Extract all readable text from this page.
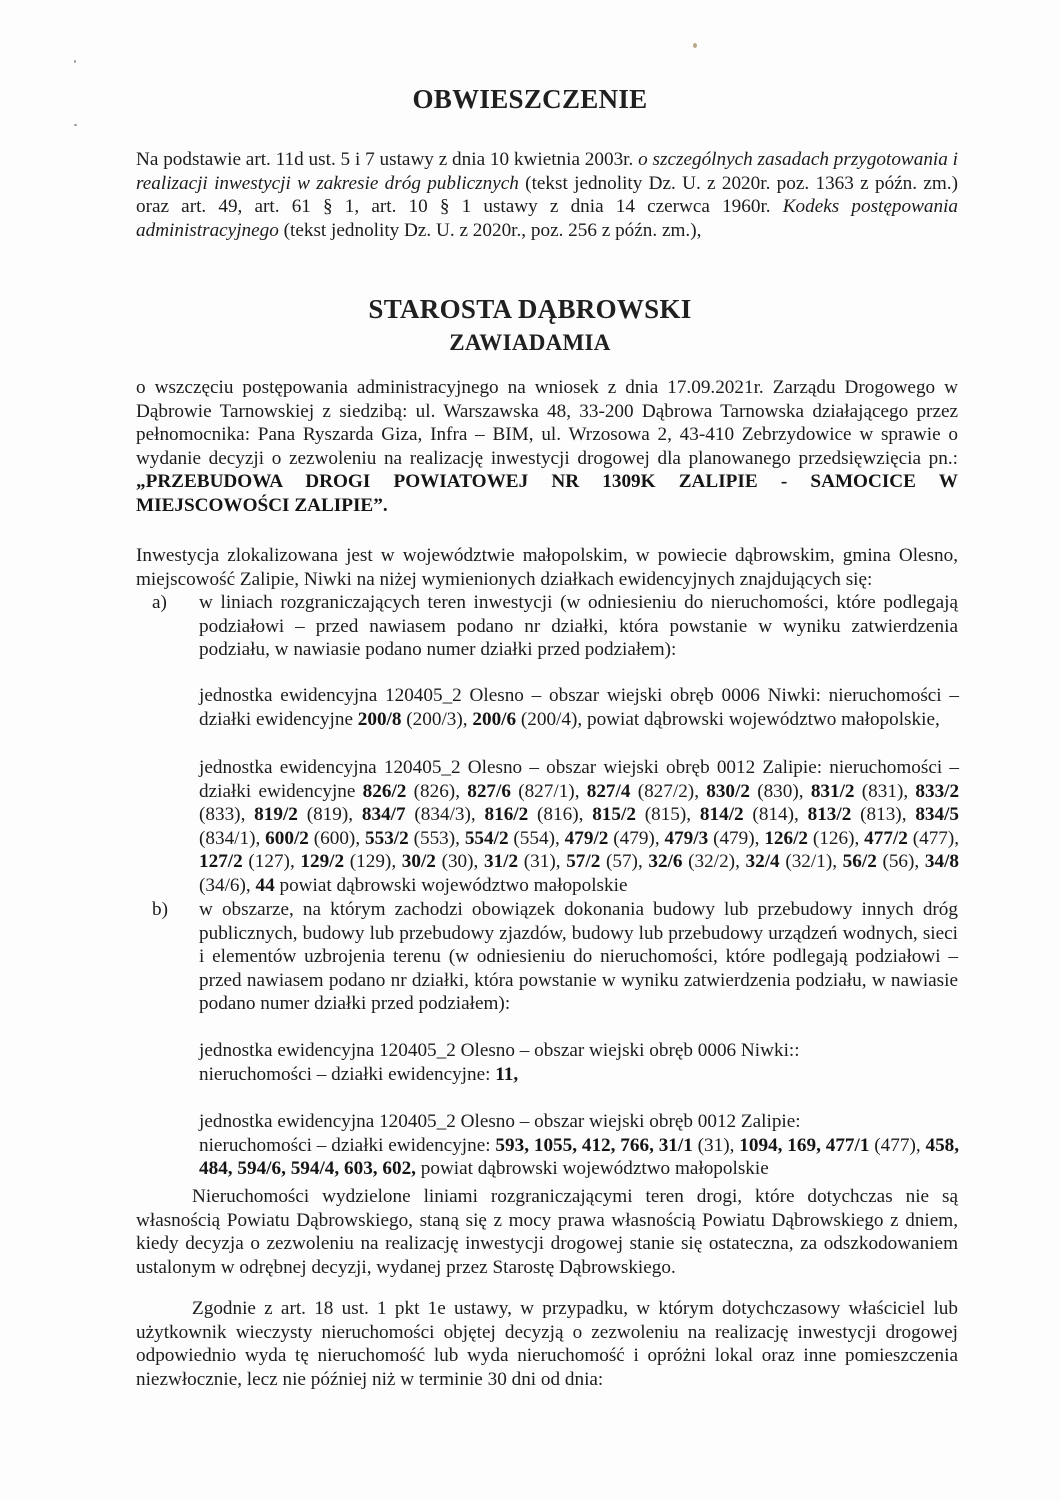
OBWIESZCZENIE

Na podstawie art. 11d ust. 5 i 7 ustawy z dnia 10 kwietnia 2003r. o szczególnych zasadach przygotowania i realizacji inwestycji w zakresie dróg publicznych (tekst jednolity Dz. U. z 2020r. poz. 1363 z późn. zm.) oraz art. 49, art. 61 § 1, art. 10 § 1 ustawy z dnia 14 czerwca 1960r. Kodeks postępowania administracyjnego (tekst jednolity Dz. U. z 2020r., poz. 256 z późn. zm.),

STAROSTA DĄBROWSKI
ZAWIADAMIA

o wszczęciu postępowania administracyjnego na wniosek z dnia 17.09.2021r. Zarządu Drogowego w Dąbrowie Tarnowskiej z siedzibą: ul. Warszawska 48, 33-200 Dąbrowa Tarnowska działającego przez pełnomocnika: Pana Ryszarda Giza, Infra – BIM, ul. Wrzosowa 2, 43-410 Zebrzydowice w sprawie o wydanie decyzji o zezwoleniu na realizację inwestycji drogowej dla planowanego przedsięwzięcia pn.: „PRZEBUDOWA DROGI POWIATOWEJ NR 1309K ZALIPIE - SAMOCICE W MIEJSCOWOŚCI ZALIPIE”.

Inwestycja zlokalizowana jest w województwie małopolskim, w powiecie dąbrowskim, gmina Olesno, miejscowość Zalipie, Niwki na niżej wymienionych działkach ewidencyjnych znajdujących się:

a) w liniach rozgraniczających teren inwestycji (w odniesieniu do nieruchomości, które podlegają podziałowi – przed nawiasem podano nr działki, która powstanie w wyniku zatwierdzenia podziału, w nawiasie podano numer działki przed podziałem):

jednostka ewidencyjna 120405_2 Olesno – obszar wiejski obręb 0006 Niwki: nieruchomości – działki ewidencyjne 200/8 (200/3), 200/6 (200/4), powiat dąbrowski województwo małopolskie,

jednostka ewidencyjna 120405_2 Olesno – obszar wiejski obręb 0012 Zalipie: nieruchomości – działki ewidencyjne 826/2 (826), 827/6 (827/1), 827/4 (827/2), 830/2 (830), 831/2 (831), 833/2 (833), 819/2 (819), 834/7 (834/3), 816/2 (816), 815/2 (815), 814/2 (814), 813/2 (813), 834/5 (834/1), 600/2 (600), 553/2 (553), 554/2 (554), 479/2 (479), 479/3 (479), 126/2 (126), 477/2 (477), 127/2 (127), 129/2 (129), 30/2 (30), 31/2 (31), 57/2 (57), 32/6 (32/2), 32/4 (32/1), 56/2 (56), 34/8 (34/6), 44 powiat dąbrowski województwo małopolskie

b) w obszarze, na którym zachodzi obowiązek dokonania budowy lub przebudowy innych dróg publicznych, budowy lub przebudowy zjazdów, budowy lub przebudowy urządzeń wodnych, sieci i elementów uzbrojenia terenu (w odniesieniu do nieruchomości, które podlegają podziałowi – przed nawiasem podano nr działki, która powstanie w wyniku zatwierdzenia podziału, w nawiasie podano numer działki przed podziałem):

jednostka ewidencyjna 120405_2 Olesno – obszar wiejski obręb 0006 Niwki::

nieruchomości – działki ewidencyjne: 11,

jednostka ewidencyjna 120405_2 Olesno – obszar wiejski obręb 0012 Zalipie:

nieruchomości – działki ewidencyjne: 593, 1055, 412, 766, 31/1 (31), 1094, 169, 477/1 (477), 458, 484, 594/6, 594/4, 603, 602, powiat dąbrowski województwo małopolskie

Nieruchomości wydzielone liniami rozgraniczającymi teren drogi, które dotychczas nie są własnością Powiatu Dąbrowskiego, staną się z mocy prawa własnością Powiatu Dąbrowskiego z dniem, kiedy decyzja o zezwoleniu na realizację inwestycji drogowej stanie się ostateczna, za odszkodowaniem ustalonym w odrębnej decyzji, wydanej przez Starostę Dąbrowskiego.

Zgodnie z art. 18 ust. 1 pkt 1e ustawy, w przypadku, w którym dotychczasowy właściciel lub użytkownik wieczysty nieruchomości objętej decyzją o zezwoleniu na realizację inwestycji drogowej odpowiednio wyda tę nieruchomość lub wyda nieruchomość i opróżni lokal oraz inne pomieszczenia niezwłocznie, lecz nie później niż w terminie 30 dni od dnia:
